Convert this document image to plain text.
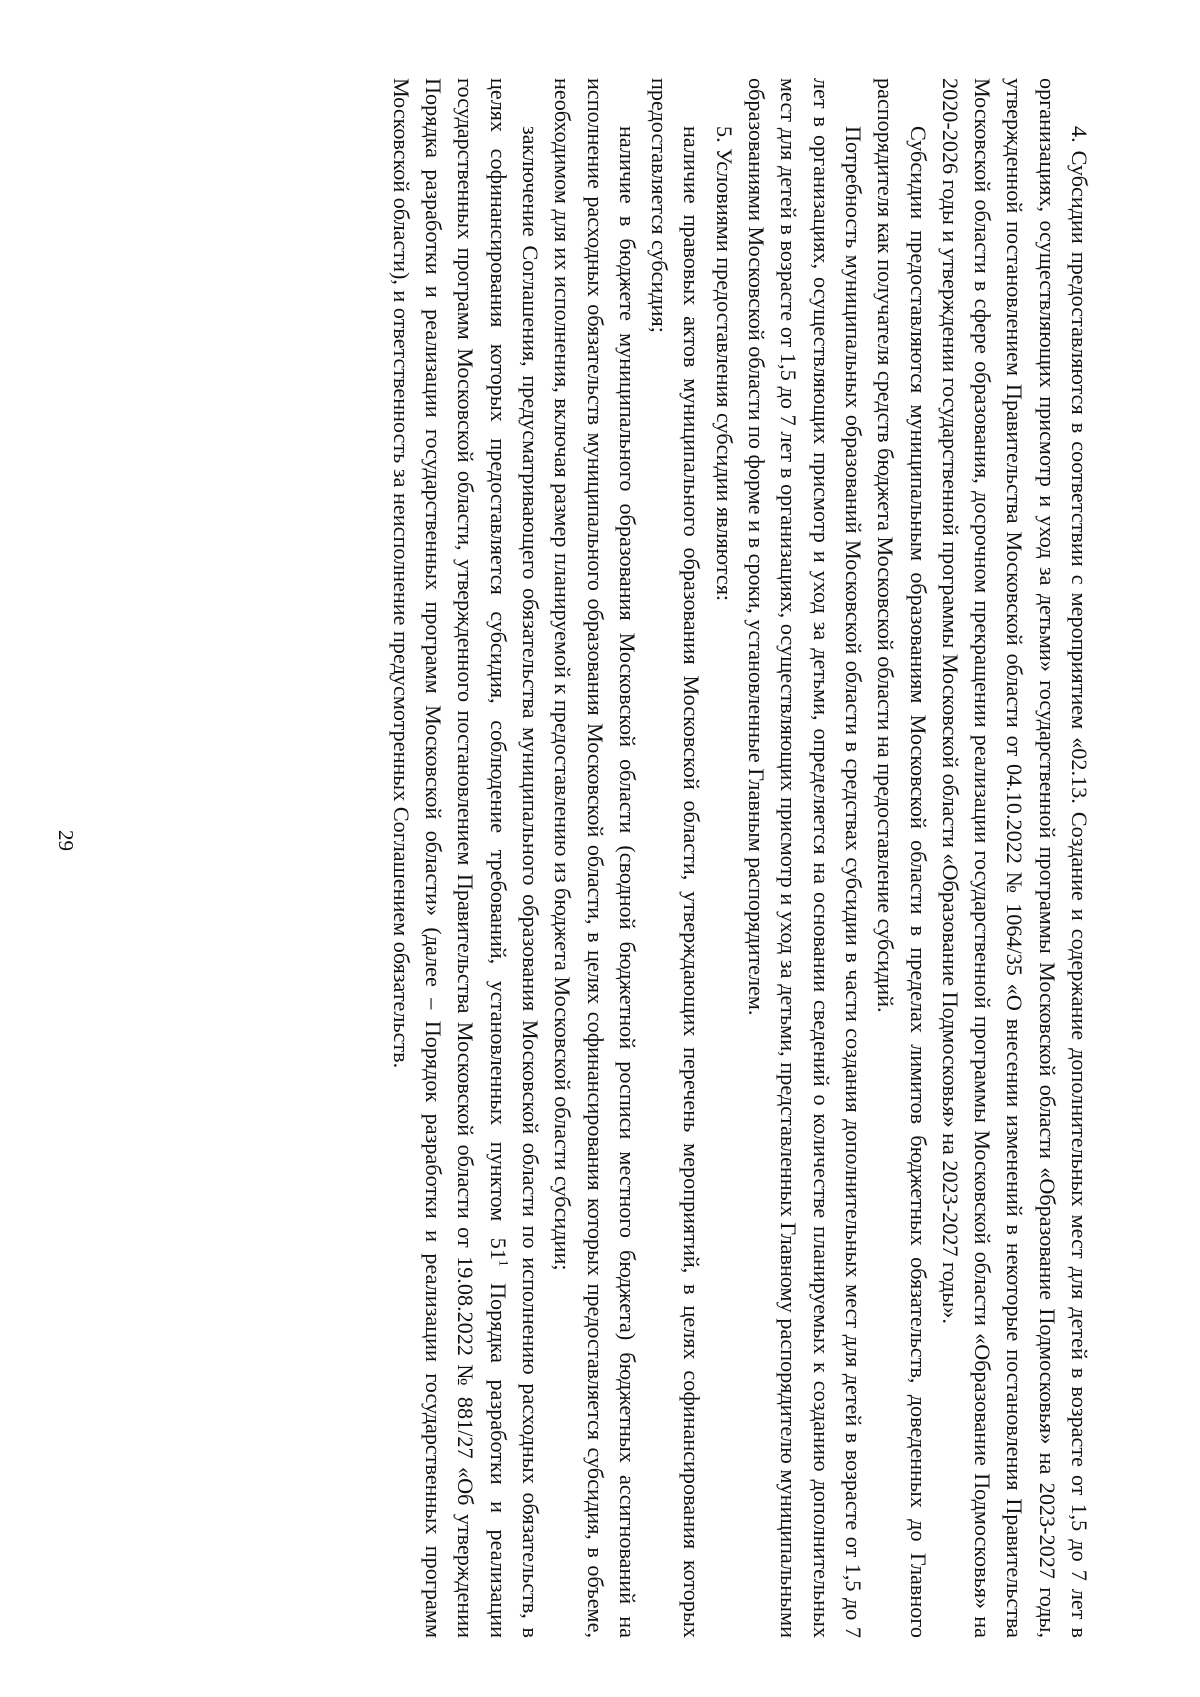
29	4. Субсидии предоставляются в соответствии с мероприятием «02.13. Создание и содержание дополнительных мест для детей в возрасте от 1,5 до 7 лет в организациях, осуществляющих присмотр и уход за детьми» государственной программы Московской области «Образование Подмосковья» на 2023-2027 годы, утвержденной постановлением Правительства Московской области от 04.10.2022 № 1064/35 «О внесении изменений в некоторые постановления Правительства Московской области в сфере образования, досрочном прекращении реализации государственной программы Московской области «Образование Подмосковья» на 2020-2026 годы и утверждении государственной программы Московской области «Образование Подмосковья» на 2023-2027 годы».

Субсидии предоставляются муниципальным образованиям Московской области в пределах лимитов бюджетных обязательств, доведенных до Главного распорядителя как получателя средств бюджета Московской области на предоставление субсидий.

Потребность муниципальных образований Московской области в средствах субсидии в части создания дополнительных мест для детей в возрасте от 1,5 до 7 лет в организациях, осуществляющих присмотр и уход за детьми, определяется на основании сведений о количестве планируемых к созданию дополнительных мест для детей в возрасте от 1,5 до 7 лет в организациях, осуществляющих присмотр и уход за детьми, представленных Главному распорядителю муниципальными образованиями Московской области по форме и в сроки, установленные Главным распорядителем.

5. Условиями предоставления субсидии являются:

наличие правовых актов муниципального образования Московской области, утверждающих перечень мероприятий, в целях софинансирования которых предоставляется субсидия;

наличие в бюджете муниципального образования Московской области (сводной бюджетной росписи местного бюджета) бюджетных ассигнований на исполнение расходных обязательств муниципального образования Московской области, в целях софинансирования которых предоставляется субсидия, в объеме, необходимом для их исполнения, включая размер планируемой к предоставлению из бюджета Московской области субсидии;

заключение Соглашения, предусматривающего обязательства муниципального образования Московской области по исполнению расходных обязательств, в целях софинансирования которых предоставляется субсидия, соблюдение требований, установленных пунктом $51^1$ Порядка разработки и реализации государственных программ Московской области, утвержденного постановлением Правительства Московской области от 19.08.2022 № 881/27 «Об утверждении Порядка разработки и реализации государственных программ Московской области» (далее – Порядок разработки и реализации государственных программ Московской области), и ответственность за неисполнение предусмотренных Соглашением обязательств.
